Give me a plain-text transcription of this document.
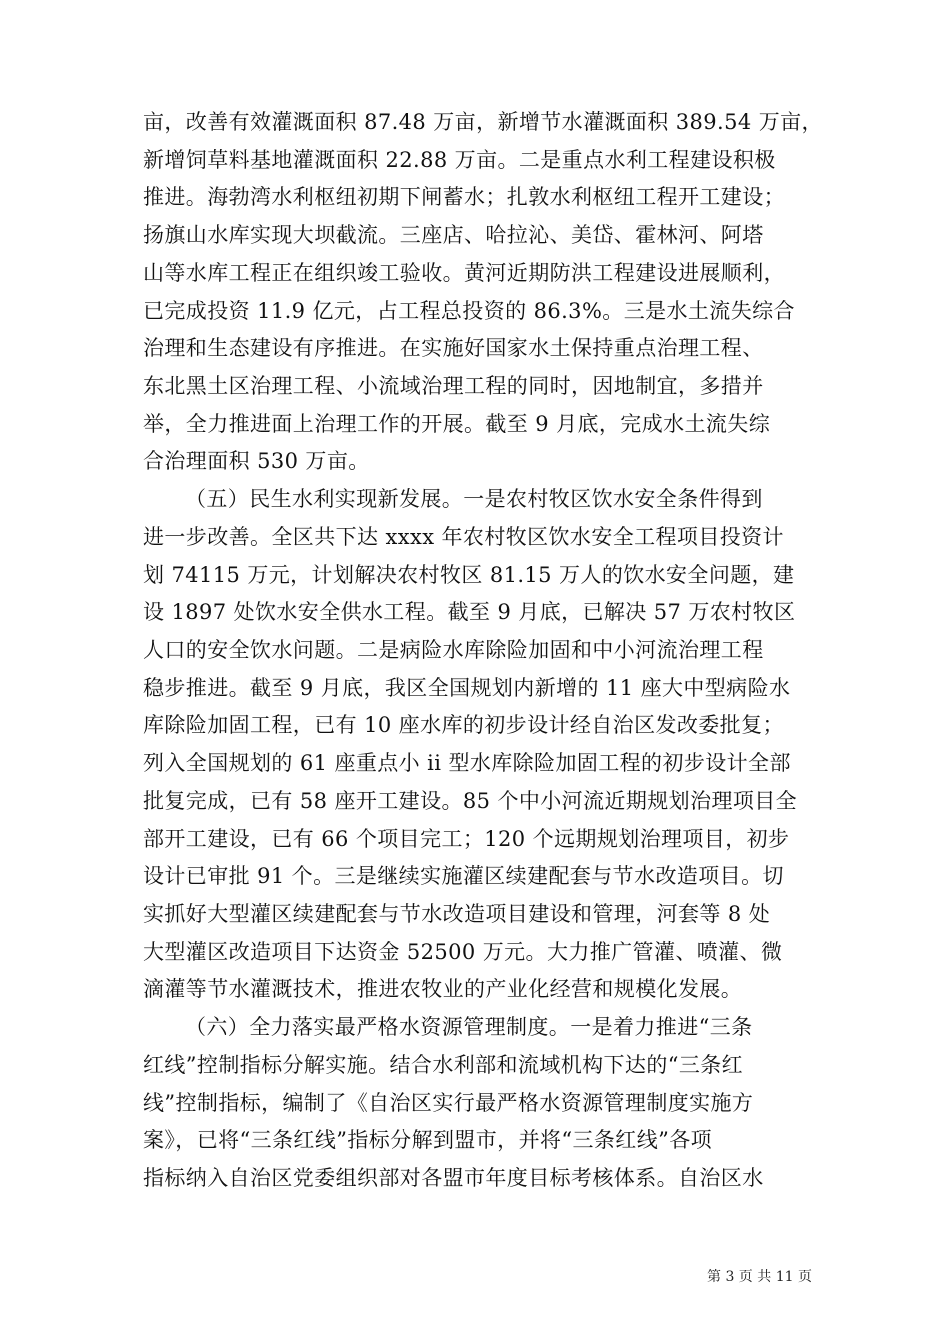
亩，改善有效灌溉面积 87.48 万亩，新增节水灌溉面积 389.54 万亩，
新增饲草料基地灌溉面积 22.88 万亩。二是重点水利工程建设积极
推进。海勃湾水利枢纽初期下闸蓄水；扎敦水利枢纽工程开工建设；
扬旗山水库实现大坝截流。三座店、哈拉沁、美岱、霍林河、阿塔
山等水库工程正在组织竣工验收。黄河近期防洪工程建设进展顺利，
已完成投资 11.9 亿元，占工程总投资的 86.3%。三是水土流失综合
治理和生态建设有序推进。在实施好国家水土保持重点治理工程、
东北黑土区治理工程、小流域治理工程的同时，因地制宜，多措并
举，全力推进面上治理工作的开展。截至 9 月底，完成水土流失综
合治理面积 530 万亩。
（五）民生水利实现新发展。一是农村牧区饮水安全条件得到
进一步改善。全区共下达 xxxx 年农村牧区饮水安全工程项目投资计
划 74115 万元，计划解决农村牧区 81.15 万人的饮水安全问题，建
设 1897 处饮水安全供水工程。截至 9 月底，已解决 57 万农村牧区
人口的安全饮水问题。二是病险水库除险加固和中小河流治理工程
稳步推进。截至 9 月底，我区全国规划内新增的 11 座大中型病险水
库除险加固工程，已有 10 座水库的初步设计经自治区发改委批复；
列入全国规划的 61 座重点小 ii 型水库除险加固工程的初步设计全部
批复完成，已有 58 座开工建设。85 个中小河流近期规划治理项目全
部开工建设，已有 66 个项目完工；120 个远期规划治理项目，初步
设计已审批 91 个。三是继续实施灌区续建配套与节水改造项目。切
实抓好大型灌区续建配套与节水改造项目建设和管理，河套等 8 处
大型灌区改造项目下达资金 52500 万元。大力推广管灌、喷灌、微
滴灌等节水灌溉技术，推进农牧业的产业化经营和规模化发展。
（六）全力落实最严格水资源管理制度。一是着力推进“三条
红线”控制指标分解实施。结合水利部和流域机构下达的“三条红
线”控制指标，编制了《自治区实行最严格水资源管理制度实施方
第 3 页 共 11 页
案》，已将“三条红线”指标分解到盟市，并将“三条红线”各项
指标纳入自治区党委组织部对各盟市年度目标考核体系。自治区水
